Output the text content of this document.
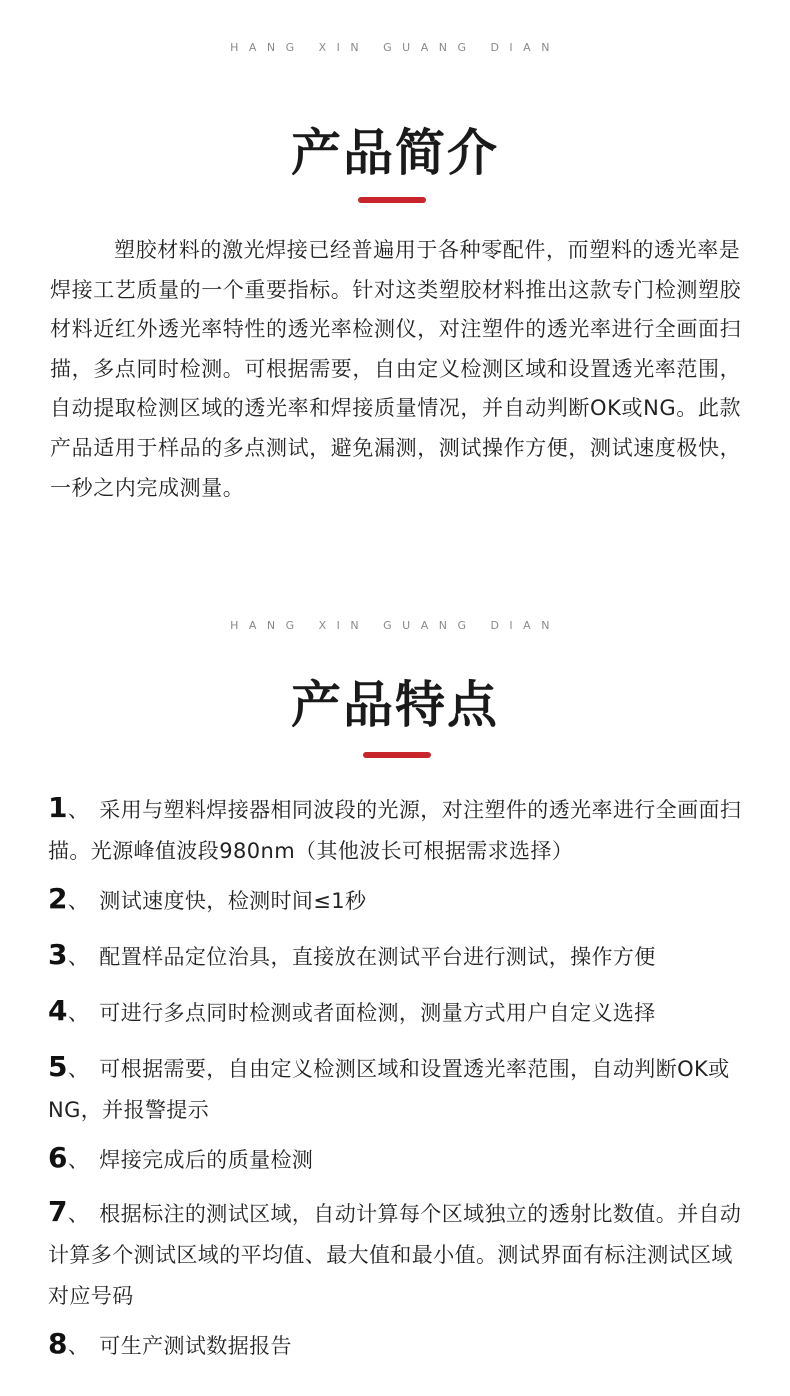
HANG XIN GUANG DIAN
产品简介
塑胶材料的激光焊接已经普遍用于各种零配件，而塑料的透光率是焊接工艺质量的一个重要指标。针对这类塑胶材料推出这款专门检测塑胶材料近红外透光率特性的透光率检测仪，对注塑件的透光率进行全画面扫描，多点同时检测。可根据需要，自由定义检测区域和设置透光率范围，自动提取检测区域的透光率和焊接质量情况，并自动判断OK或NG。此款产品适用于样品的多点测试，避免漏测，测试操作方便，测试速度极快，一秒之内完成测量。
HANG XIN GUANG DIAN
产品特点
1、 采用与塑料焊接器相同波段的光源，对注塑件的透光率进行全画面扫描。光源峰值波段980nm（其他波长可根据需求选择）
2、 测试速度快，检测时间≤1秒
3、 配置样品定位治具，直接放在测试平台进行测试，操作方便
4、 可进行多点同时检测或者面检测，测量方式用户自定义选择
5、 可根据需要，自由定义检测区域和设置透光率范围，自动判断OK或NG，并报警提示
6、 焊接完成后的质量检测
7、 根据标注的测试区域，自动计算每个区域独立的透射比数值。并自动计算多个测试区域的平均值、最大值和最小值。测试界面有标注测试区域对应号码
8、 可生产测试数据报告
